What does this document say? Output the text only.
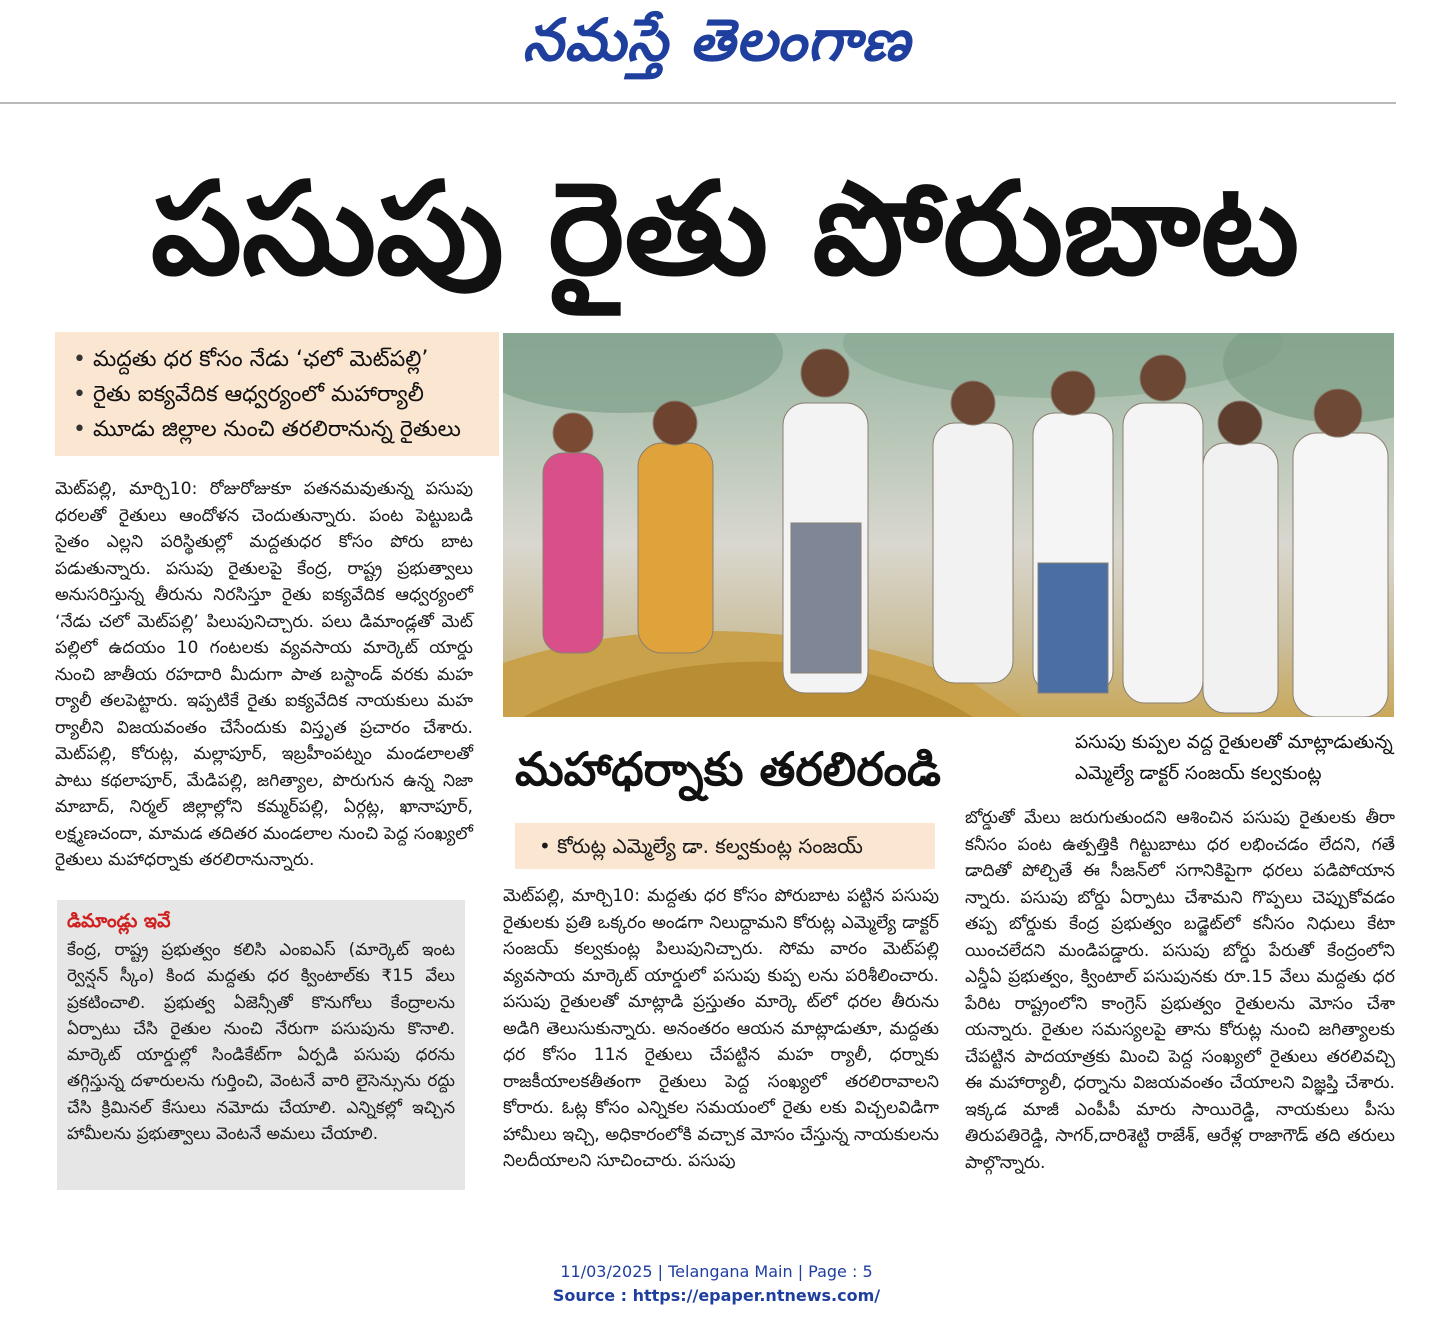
నమస్తే తెలంగాణ
పసుపు రైతు పోరుబాట
• మద్దతు ధర కోసం నేడు ‘ఛలో మెట్‌పల్లి’
• రైతు ఐక్యవేదిక ఆధ్వర్యంలో మహార్యాలీ
• మూడు జిల్లాల నుంచి తరలిరానున్న రైతులు

మెట్‌పల్లి, మార్చి10: రోజురోజుకూ పతనమవుతున్న పసుపు ధరలతో రైతులు ఆందోళన చెందుతున్నారు. పంట పెట్టుబడి సైతం ఎల్లని పరిస్థితుల్లో మద్దతుధర కోసం పోరు బాట పడుతున్నారు. పసుపు రైతులపై కేంద్ర, రాష్ట్ర ప్రభుత్వాలు అనుసరిస్తున్న తీరును నిరసిస్తూ రైతు ఐక్యవేదిక ఆధ్వర్యంలో ‘నేడు చలో మెట్‌పల్లి’ పిలుపునిచ్చారు. పలు డిమాండ్లతో మెట్ పల్లిలో ఉదయం 10 గంటలకు వ్యవసాయ మార్కెట్ యార్డు నుంచి జాతీయ రహదారి మీదుగా పాత బస్టాండ్ వరకు మహ ర్యాలీ తలపెట్టారు. ఇప్పటికే రైతు ఐక్యవేదిక నాయకులు మహ ర్యాలీని విజయవంతం చేసేందుకు విస్తృత ప్రచారం చేశారు. మెట్‌పల్లి, కోరుట్ల, మల్లాపూర్, ఇబ్రహీంపట్నం మండలాలతో పాటు కథలాపూర్, మేడిపల్లి, జగిత్యాల, పొరుగున ఉన్న నిజా మాబాద్, నిర్మల్ జిల్లాల్లోని కమ్మర్‌పల్లి, ఏర్గట్ల, ఖానాపూర్, లక్ష్మణచందా, మామడ తదితర మండలాల నుంచి పెద్ద సంఖ్యలో రైతులు మహాధర్నాకు తరలిరానున్నారు.

డిమాండ్లు ఇవే
కేంద్ర, రాష్ట్ర ప్రభుత్వం కలిసి ఎంఐఎస్ (మార్కెట్ ఇంట ర్వెన్షన్ స్కీం) కింద మద్దతు ధర క్వింటాల్‌కు ₹15 వేలు ప్రకటించాలి. ప్రభుత్వ ఏజెన్సీతో కొనుగోలు కేంద్రాలను ఏర్పాటు చేసి రైతుల నుంచి నేరుగా పసుపును కొనాలి. మార్కెట్ యార్డుల్లో సిండికేట్‌గా ఏర్పడి పసుపు ధరను తగ్గిస్తున్న దళారులను గుర్తించి, వెంటనే వారి లైసెన్సును రద్దు చేసి క్రిమినల్ కేసులు నమోదు చేయాలి. ఎన్నికల్లో ఇచ్చిన హామీలను ప్రభుత్వాలు వెంటనే అమలు చేయాలి.
మహాధర్నాకు తరలిరండి	పసుపు కుప్పల వద్ద రైతులతో మాట్లాడుతున్న
ఎమ్మెల్యే డాక్టర్ సంజయ్ కల్వకుంట్ల
• కోరుట్ల ఎమ్మెల్యే డా. కల్వకుంట్ల సంజయ్

మెట్‌పల్లి, మార్చి10: మద్దతు ధర కోసం పోరుబాట పట్టిన పసుపు రైతులకు ప్రతి ఒక్కరం అండగా నిలుద్దామని కోరుట్ల ఎమ్మెల్యే డాక్టర్ సంజయ్ కల్వకుంట్ల పిలుపునిచ్చారు. సోమ వారం మెట్‌పల్లి వ్యవసాయ మార్కెట్ యార్డులో పసుపు కుప్ప లను పరిశీలించారు. పసుపు రైతులతో మాట్లాడి ప్రస్తుతం మార్కె ట్‌లో ధరల తీరును అడిగి తెలుసుకున్నారు. అనంతరం ఆయన మాట్లాడుతూ, మద్దతు ధర కోసం 11న రైతులు చేపట్టిన మహ ర్యాలీ, ధర్నాకు రాజకీయాలకతీతంగా రైతులు పెద్ద సంఖ్యలో తరలిరావాలని కోరారు. ఓట్ల కోసం ఎన్నికల సమయంలో రైతు లకు విచ్చలవిడిగా హామీలు ఇచ్చి, అధికారంలోకి వచ్చాక మోసం చేస్తున్న నాయకులను నిలదీయాలని సూచించారు. పసుపు

బోర్డుతో మేలు జరుగుతుందని ఆశించిన పసుపు రైతులకు తీరా కనీసం పంట ఉత్పత్తికి గిట్టుబాటు ధర లభించడం లేదని, గతే డాదితో పోల్చితే ఈ సీజన్‌లో సగానికిపైగా ధరలు పడిపోయాన న్నారు. పసుపు బోర్డు ఏర్పాటు చేశామని గొప్పలు చెప్పుకోవడం తప్ప బోర్డుకు కేంద్ర ప్రభుత్వం బడ్జెట్‌లో కనీసం నిధులు కేటా యించలేదని మండిపడ్డారు. పసుపు బోర్డు పేరుతో కేంద్రంలోని ఎన్డీఏ ప్రభుత్వం, క్వింటాల్ పసుపునకు రూ.15 వేలు మద్దతు ధర పేరిట రాష్ట్రంలోని కాంగ్రెస్ ప్రభుత్వం రైతులను మోసం చేశా యన్నారు. రైతుల సమస్యలపై తాను కోరుట్ల నుంచి జగిత్యాలకు చేపట్టిన పాదయాత్రకు మించి పెద్ద సంఖ్యలో రైతులు తరలివచ్చి ఈ మహార్యాలీ, ధర్నాను విజయవంతం చేయాలని విజ్ఞప్తి చేశారు. ఇక్కడ మాజీ ఎంపీపీ మారు సాయిరెడ్డి, నాయకులు పీసు తిరుపతిరెడ్డి, సాగర్,దారిశెట్టి రాజేశ్, ఆరేళ్ల రాజాగౌడ్ తది తరులు పాల్గొన్నారు.

11/03/2025 | Telangana Main | Page : 5
Source : https://epaper.ntnews.com/
